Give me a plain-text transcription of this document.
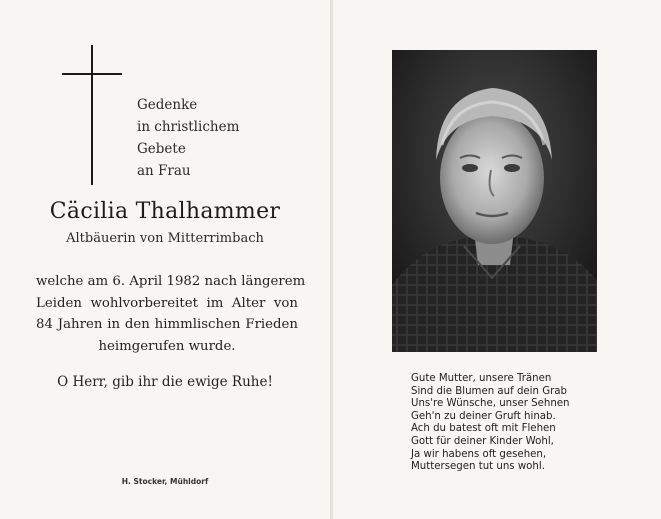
Gedenke
in christlichem
Gebete
an Frau
Cäcilia Thalhammer
Altbäuerin von Mitterrimbach
welche am 6. April 1982 nach längerem
Leiden wohlvorbereitet im Alter von
84 Jahren in den himmlischen Frieden
heimgerufen wurde.
O Herr, gib ihr die ewige Ruhe!
H. Stocker, Mühldorf
Gute Mutter, unsere Tränen
Sind die Blumen auf dein Grab
Uns're Wünsche, unser Sehnen
Geh'n zu deiner Gruft hinab.
Ach du batest oft mit Flehen
Gott für deiner Kinder Wohl,
Ja wir habens oft gesehen,
Muttersegen tut uns wohl.
